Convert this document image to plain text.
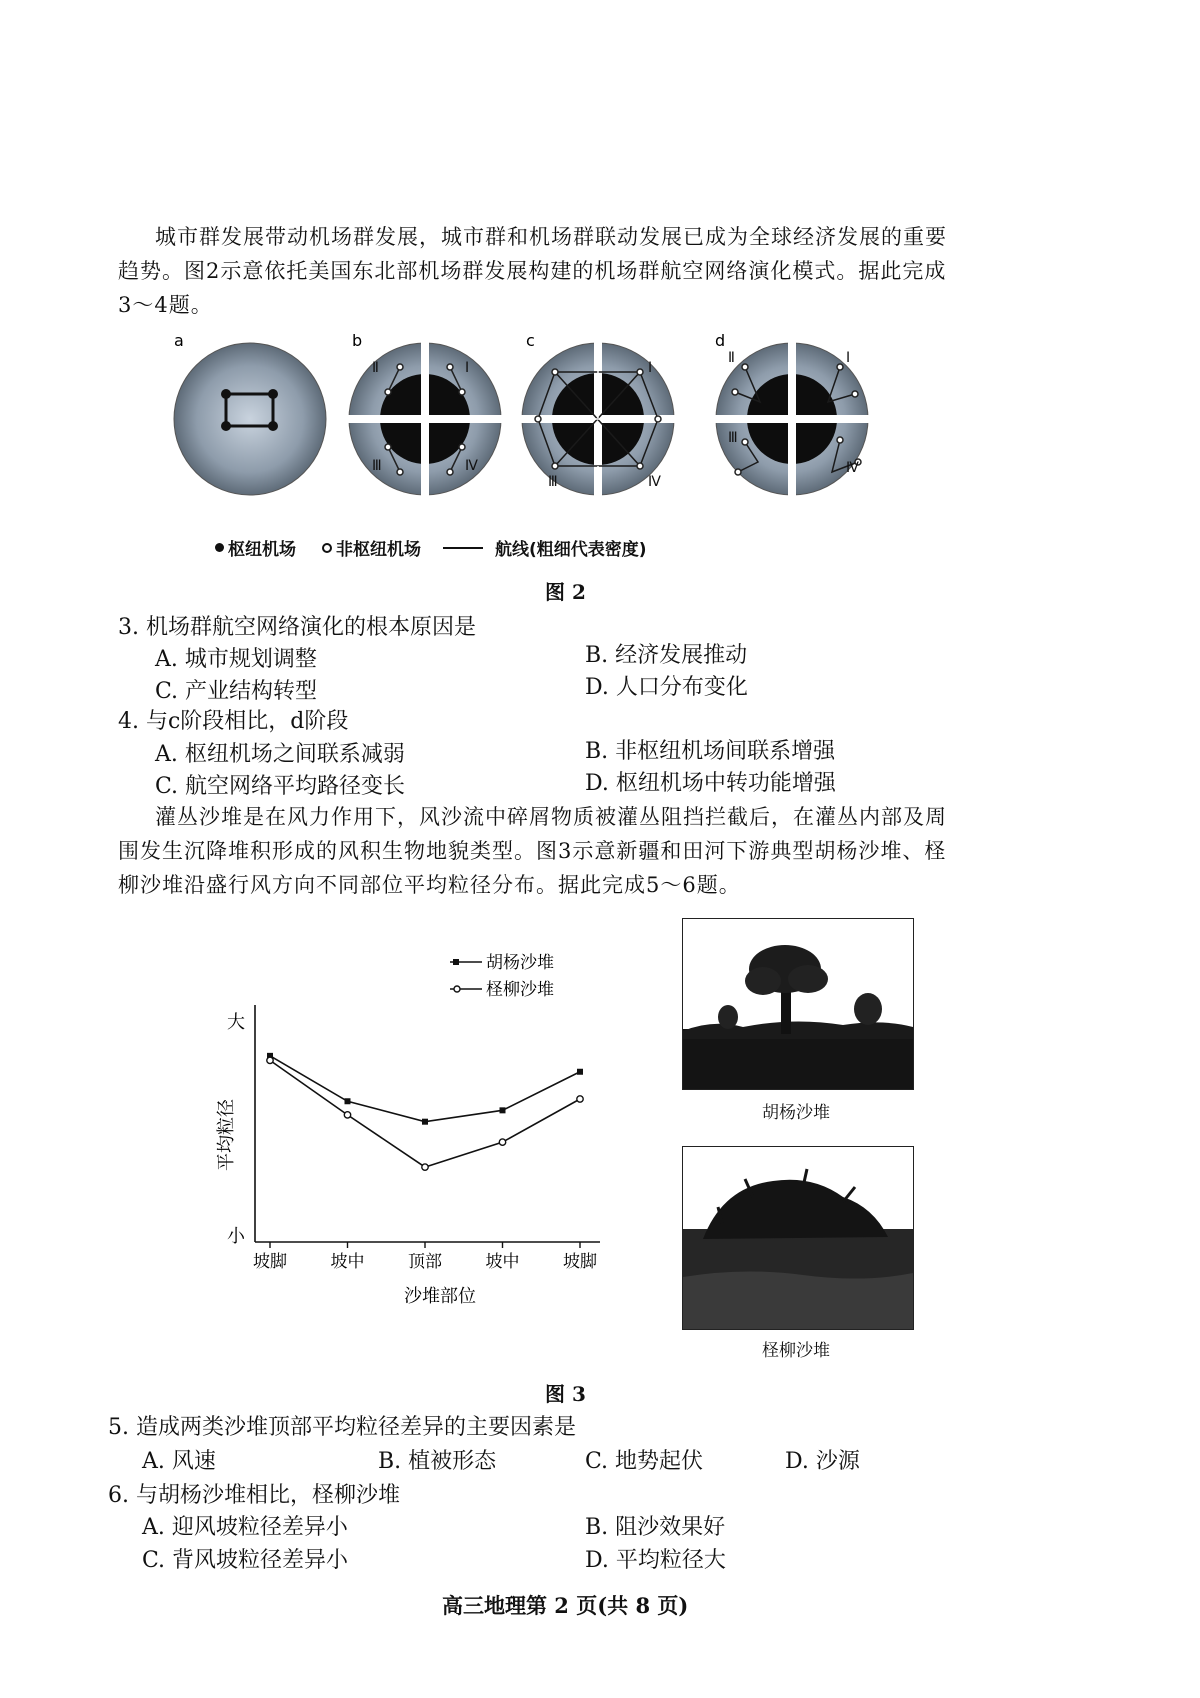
城市群发展带动机场群发展，城市群和机场群联动发展已成为全球经济发展的重要
趋势。图2示意依托美国东北部机场群发展构建的机场群航空网络演化模式。据此完成
3～4题。
a	b
Ⅰ
Ⅱ
Ⅲ	Ⅳ
c
Ⅰ
Ⅲ	Ⅳ
d
Ⅰ
Ⅱ
Ⅲ
Ⅳ
枢纽机场 非枢纽机场	航线(粗细代表密度)
图 2
3. 机场群航空网络演化的根本原因是
A. 城市规划调整	B. 经济发展推动
C. 产业结构转型	D. 人口分布变化
4. 与c阶段相比，d阶段
A. 枢纽机场之间联系减弱	B. 非枢纽机场间联系增强
C. 航空网络平均路径变长	D. 枢纽机场中转功能增强
灌丛沙堆是在风力作用下，风沙流中碎屑物质被灌丛阻挡拦截后，在灌丛内部及周
围发生沉降堆积形成的风积生物地貌类型。图3示意新疆和田河下游典型胡杨沙堆、柽
柳沙堆沿盛行风方向不同部位平均粒径分布。据此完成5～6题。
胡杨沙堆
柽柳沙堆
坡脚	坡中	顶部	坡中	坡脚
大
小
平均粒径
沙堆部位
胡杨沙堆
柽柳沙堆
图 3
5. 造成两类沙堆顶部平均粒径差异的主要因素是
A. 风速	B. 植被形态	C. 地势起伏	D. 沙源
6. 与胡杨沙堆相比，柽柳沙堆
A. 迎风坡粒径差异小	B. 阻沙效果好
C. 背风坡粒径差异小	D. 平均粒径大
高三地理第 2 页(共 8 页)
